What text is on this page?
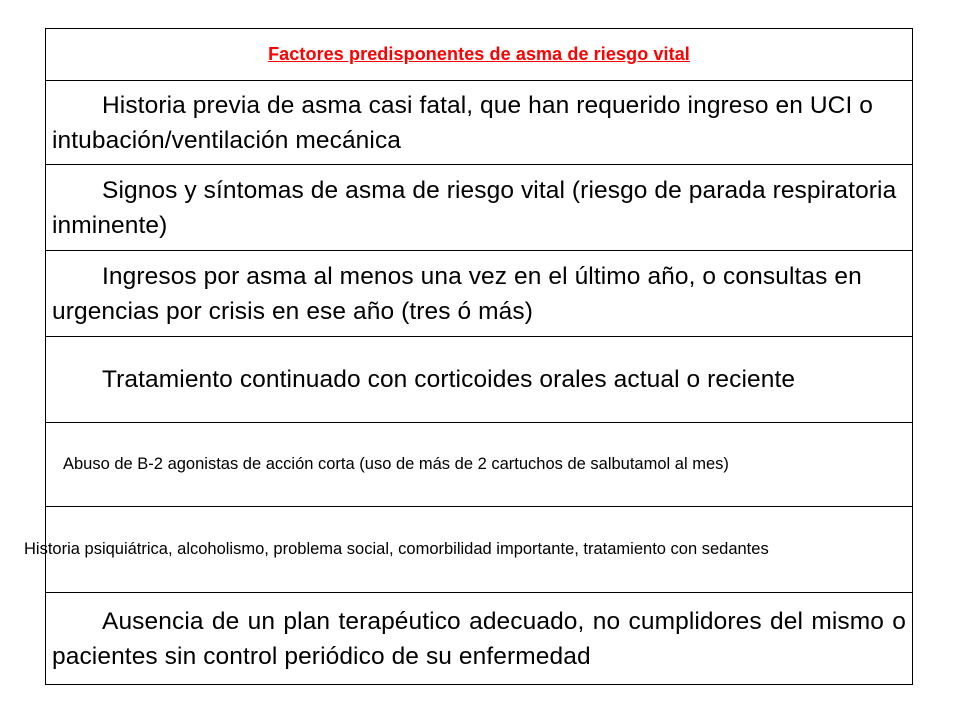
Factores predisponentes de asma de riesgo vital
Historia previa de asma casi fatal, que han requerido ingreso en UCI o intubación/ventilación mecánica
Signos y síntomas de asma de riesgo vital (riesgo de parada respiratoria inminente)
Ingresos por asma al menos una vez en el último año, o consultas en urgencias por crisis en ese año (tres ó más)
Tratamiento continuado con corticoides orales actual o reciente
Abuso de B-2 agonistas de acción corta (uso de más de 2 cartuchos de salbutamol al mes)
Historia psiquiátrica, alcoholismo, problema social, comorbilidad importante, tratamiento con sedantes
Ausencia de un plan terapéutico adecuado, no cumplidores del mismo o pacientes sin control periódico de su enfermedad
